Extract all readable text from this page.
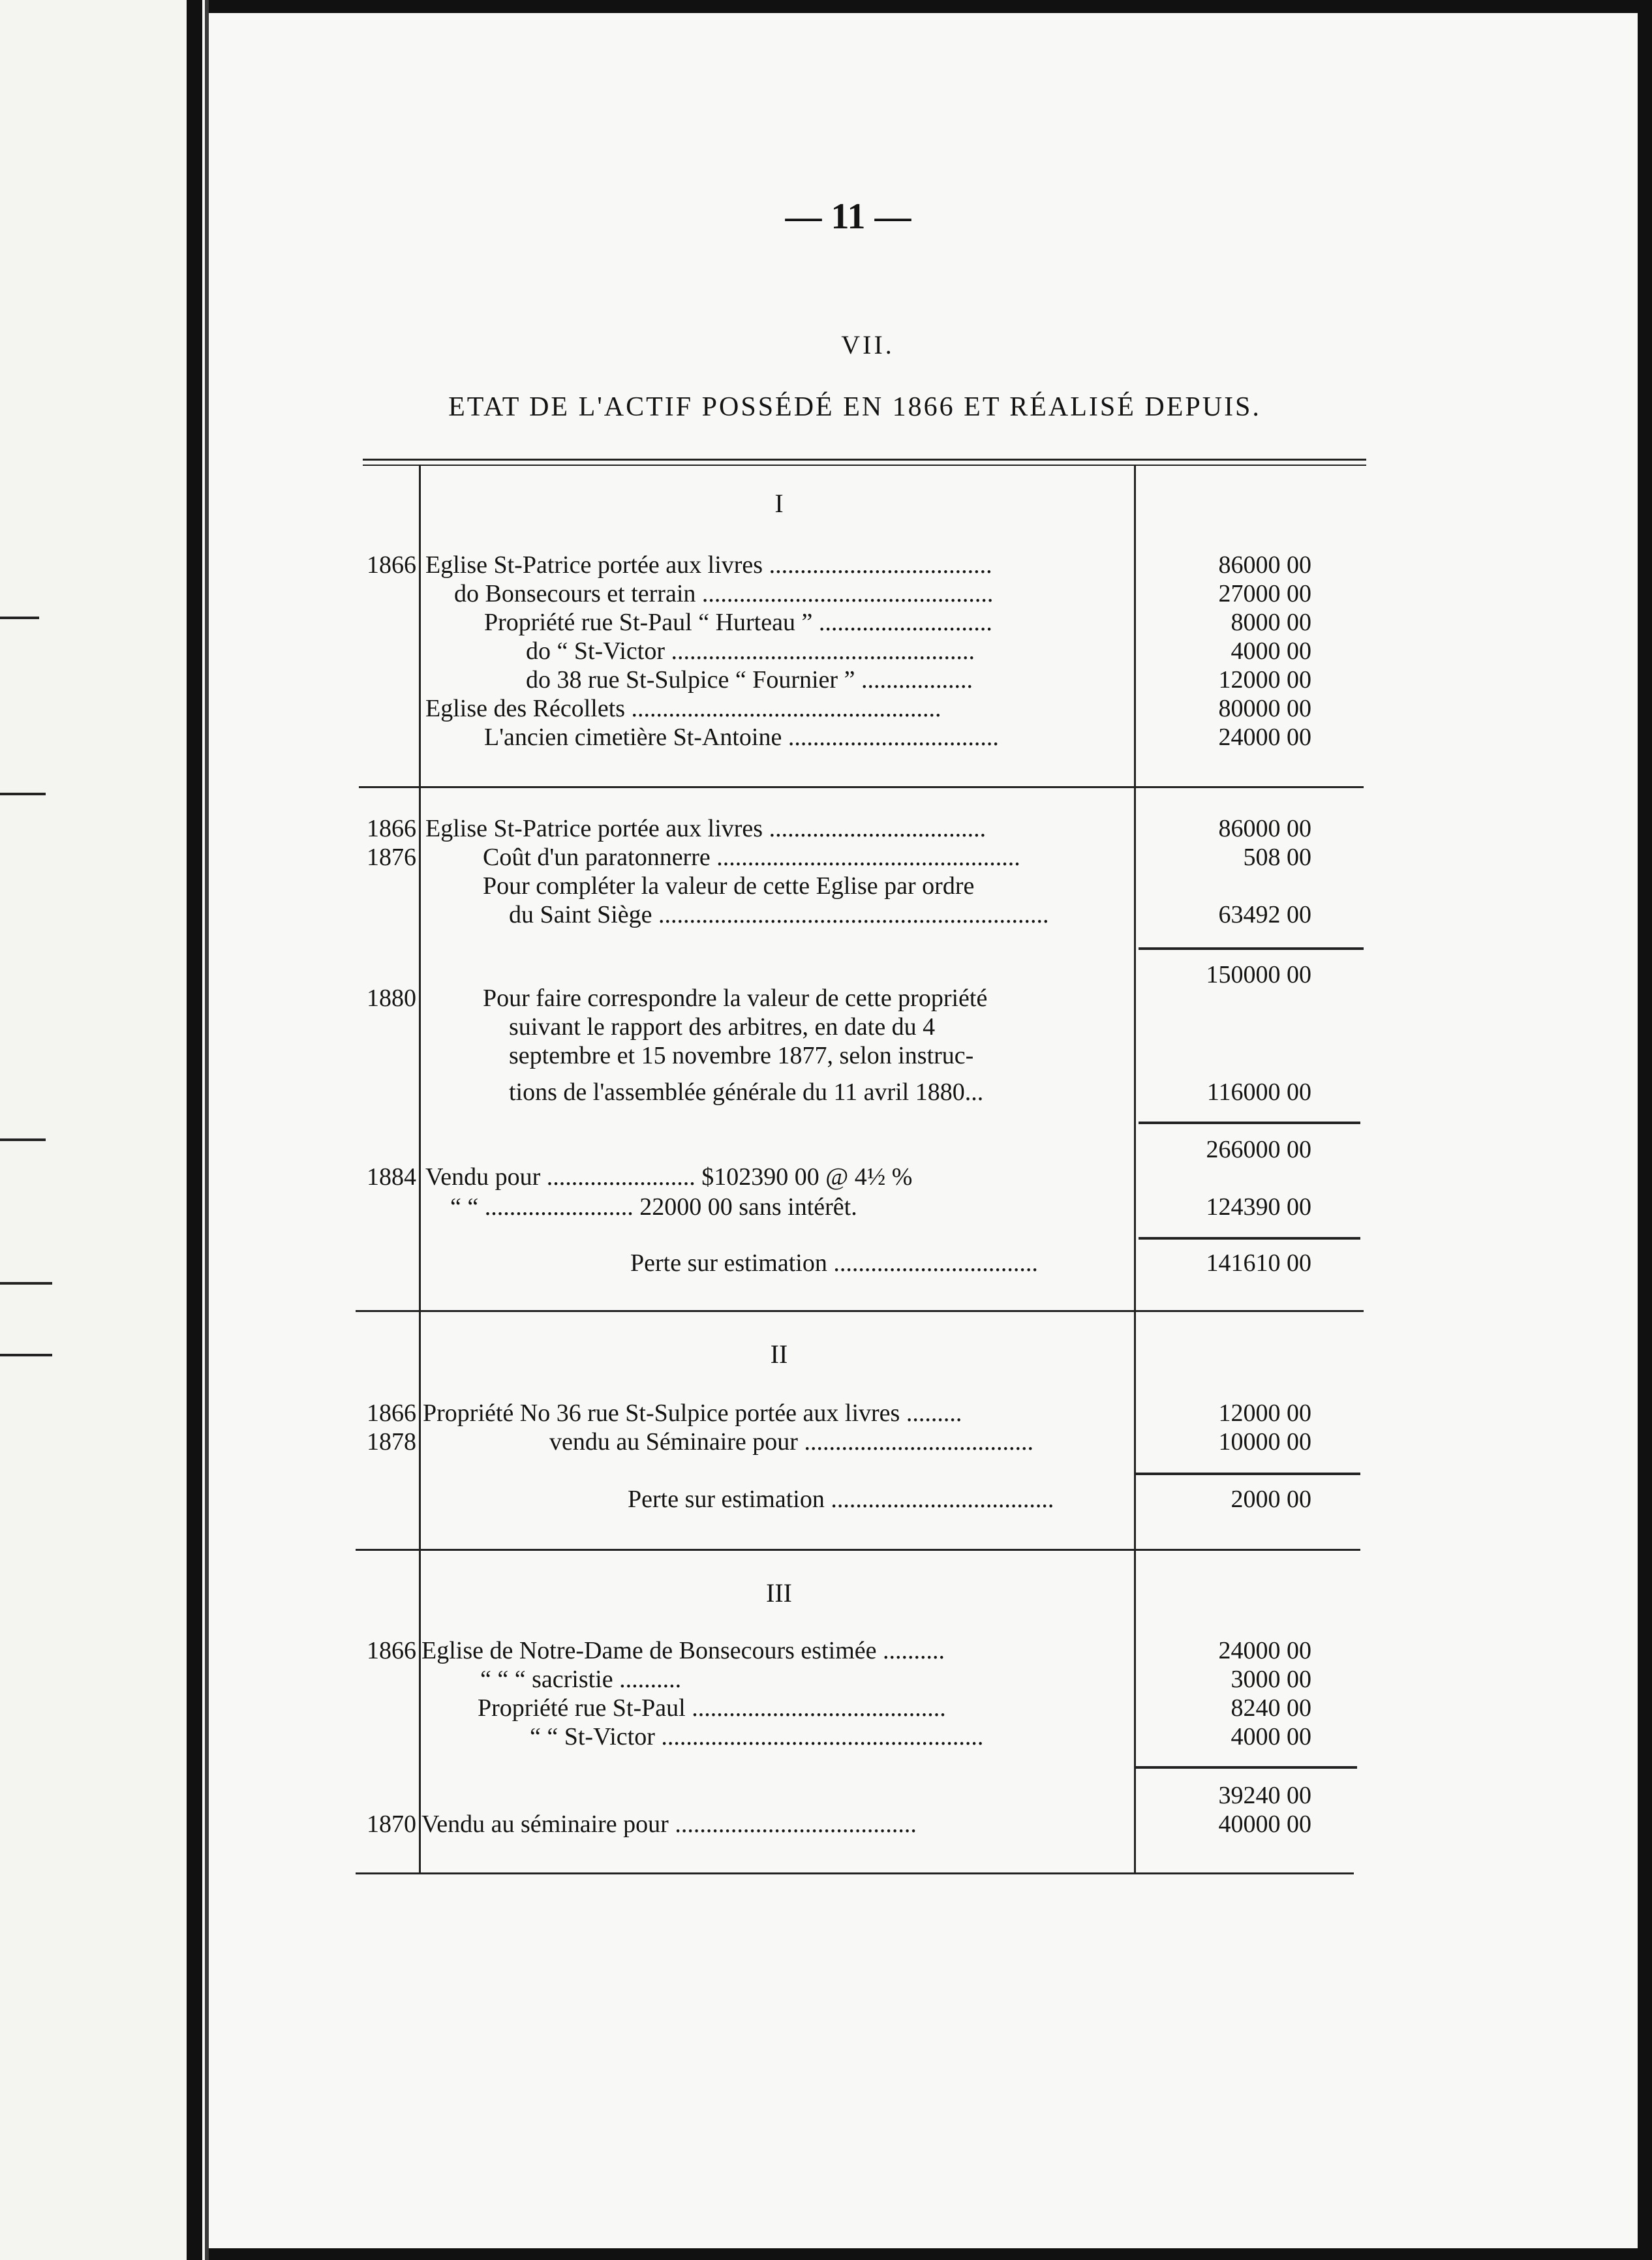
— 11 —
VII.
ETAT DE L'ACTIF POSSÉDÉ EN 1866 ET RÉALISÉ DEPUIS.
I
1866 Eglise St-Patrice portée aux livres ....................................	86000 00
do Bonsecours et terrain ...............................................	27000 00
Propriété rue St-Paul “ Hurteau ” ............................	8000 00
do “ St-Victor .................................................	4000 00
do 38 rue St-Sulpice “ Fournier ” ..................	12000 00
Eglise des Récollets ..................................................	80000 00
L'ancien cimetière St-Antoine ..................................	24000 00
1866 Eglise St-Patrice portée aux livres ...................................	86000 00
1876	Coût d'un paratonnerre .................................................	508 00
Pour compléter la valeur de cette Eglise par ordre
du Saint Siège ...............................................................	63492 00
150000 00
1880	Pour faire correspondre la valeur de cette propriété
suivant le rapport des arbitres, en date du 4
septembre et 15 novembre 1877, selon instruc-
tions de l'assemblée générale du 11 avril 1880...	116000 00
266000 00
1884 Vendu pour ........................ $102390 00 @ 4½ %
“ “ ........................ 22000 00 sans intérêt.	124390 00
Perte sur estimation .................................	141610 00
II
1866 Propriété No 36 rue St-Sulpice portée aux livres .........	12000 00
1878	vendu au Séminaire pour .....................................	10000 00
Perte sur estimation ....................................	2000 00
III
1866 Eglise de Notre-Dame de Bonsecours estimée ..........	24000 00
“ “ “ sacristie ..........	3000 00
Propriété rue St-Paul .........................................	8240 00
“ “ St-Victor ....................................................	4000 00
39240 00
1870 Vendu au séminaire pour .......................................	40000 00
